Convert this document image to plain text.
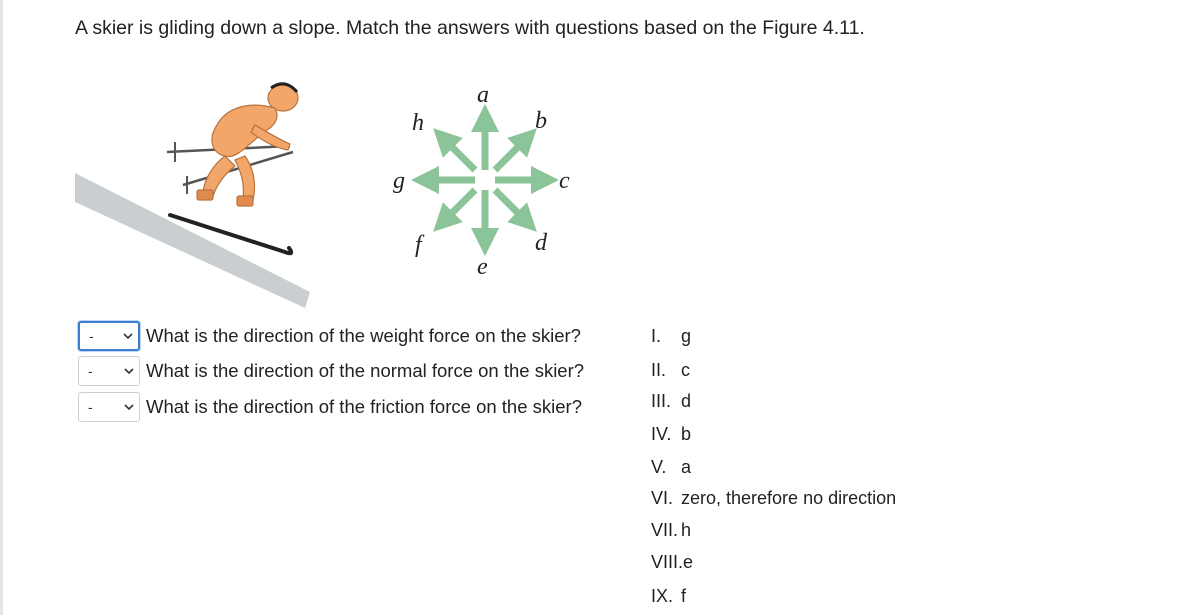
A skier is gliding down a slope. Match the answers with questions based on the Figure 4.11.
a
b
c
d
e
f
g
h
-	What is the direction of the weight force on the skier?
-	What is the direction of the normal force on the skier?
-	What is the direction of the friction force on the skier?
I. g
II. c
III. d
IV. b
V. a
VI. zero, therefore no direction
VII. h
VIII.e
IX. f
